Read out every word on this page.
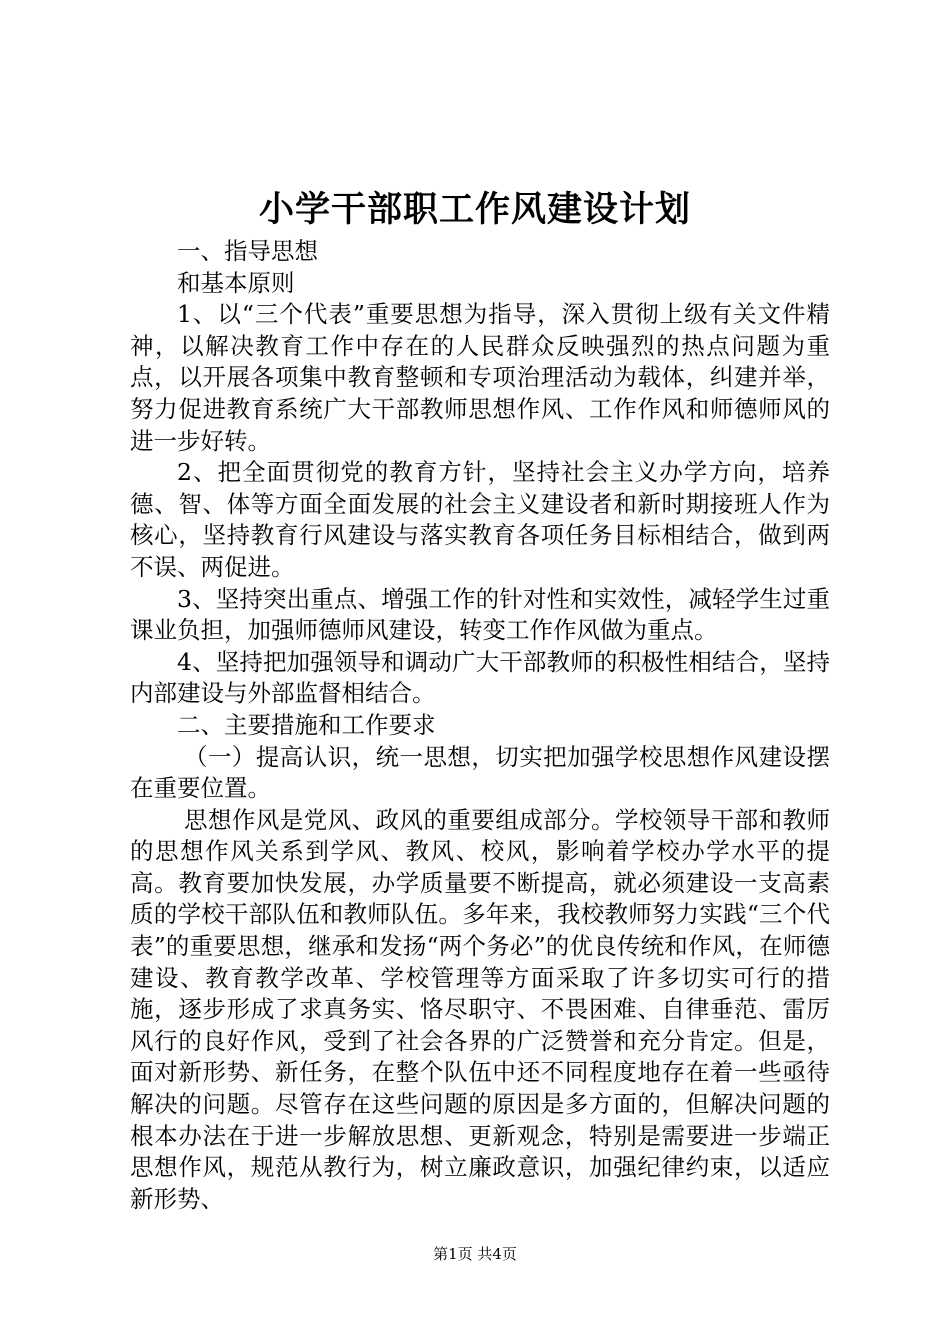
小学干部职工作风建设计划

一、指导思想

和基本原则

1、以“三个代表”重要思想为指导，深入贯彻上级有关文件精神，以解决教育工作中存在的人民群众反映强烈的热点问题为重点，以开展各项集中教育整顿和专项治理活动为载体，纠建并举，努力促进教育系统广大干部教师思想作风、工作作风和师德师风的进一步好转。

2、把全面贯彻党的教育方针，坚持社会主义办学方向，培养德、智、体等方面全面发展的社会主义建设者和新时期接班人作为核心，坚持教育行风建设与落实教育各项任务目标相结合，做到两不误、两促进。

3、坚持突出重点、增强工作的针对性和实效性，减轻学生过重课业负担，加强师德师风建设，转变工作作风做为重点。

4、坚持把加强领导和调动广大干部教师的积极性相结合，坚持内部建设与外部监督相结合。

二、主要措施和工作要求

（一）提高认识，统一思想，切实把加强学校思想作风建设摆在重要位置。

思想作风是党风、政风的重要组成部分。学校领导干部和教师的思想作风关系到学风、教风、校风，影响着学校办学水平的提高。教育要加快发展，办学质量要不断提高，就必须建设一支高素质的学校干部队伍和教师队伍。多年来，我校教师努力实践“三个代表”的重要思想，继承和发扬“两个务必”的优良传统和作风，在师德建设、教育教学改革、学校管理等方面采取了许多切实可行的措施，逐步形成了求真务实、恪尽职守、不畏困难、自律垂范、雷厉风行的良好作风，受到了社会各界的广泛赞誉和充分肯定。但是，面对新形势、新任务，在整个队伍中还不同程度地存在着一些亟待解决的问题。尽管存在这些问题的原因是多方面的，但解决问题的根本办法在于进一步解放思想、更新观念，特别是需要进一步端正思想作风，规范从教行为，树立廉政意识，加强纪律约束，以适应新形势、

第1页 共4页
